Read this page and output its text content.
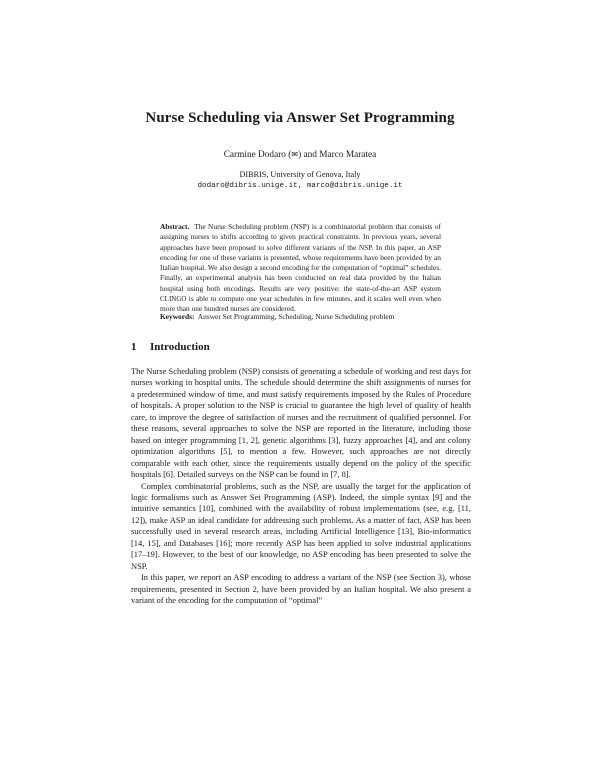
Nurse Scheduling via Answer Set Programming
Carmine Dodaro (✉) and Marco Maratea
DIBRIS, University of Genova, Italy
dodaro@dibris.unige.it, marco@dibris.unige.it
Abstract. The Nurse Scheduling problem (NSP) is a combinatorial problem that consists of assigning nurses to shifts according to given practical constraints. In previous years, several approaches have been proposed to solve different variants of the NSP. In this paper, an ASP encoding for one of these variants is presented, whose requirements have been provided by an Italian hospital. We also design a second encoding for the computation of “optimal” schedules. Finally, an experimental analysis has been conducted on real data provided by the Italian hospital using both encodings. Results are very positive: the state-of-the-art ASP system CLINGO is able to compute one year schedules in few minutes, and it scales well even when more than one hundred nurses are considered.
Keywords: Answer Set Programming, Scheduling, Nurse Scheduling problem
1 Introduction

The Nurse Scheduling problem (NSP) consists of generating a schedule of working and rest days for nurses working in hospital units. The schedule should determine the shift assignments of nurses for a predetermined window of time, and must satisfy requirements imposed by the Rules of Procedure of hospitals. A proper solution to the NSP is crucial to guarantee the high level of quality of health care, to improve the degree of satisfaction of nurses and the recruitment of qualified personnel. For these reasons, several approaches to solve the NSP are reported in the literature, including those based on integer programming [1, 2], genetic algorithms [3], fuzzy approaches [4], and ant colony optimization algorithms [5], to mention a few. However, such approaches are not directly comparable with each other, since the requirements usually depend on the policy of the specific hospitals [6]. Detailed surveys on the NSP can be found in [7, 8].

Complex combinatorial problems, such as the NSP, are usually the target for the application of logic formalisms such as Answer Set Programming (ASP). Indeed, the simple syntax [9] and the intuitive semantics [10], combined with the availability of robust implementations (see, e.g. [11, 12]), make ASP an ideal candidate for addressing such problems. As a matter of fact, ASP has been successfully used in several research areas, including Artificial Intelligence [13], Bio-informatics [14, 15], and Databases [16]; more recently ASP has been applied to solve industrial applications [17–19]. However, to the best of our knowledge, no ASP encoding has been presented to solve the NSP.

In this paper, we report an ASP encoding to address a variant of the NSP (see Section 3), whose requirements, presented in Section 2, have been provided by an Italian hospital. We also present a variant of the encoding for the computation of “optimal”
